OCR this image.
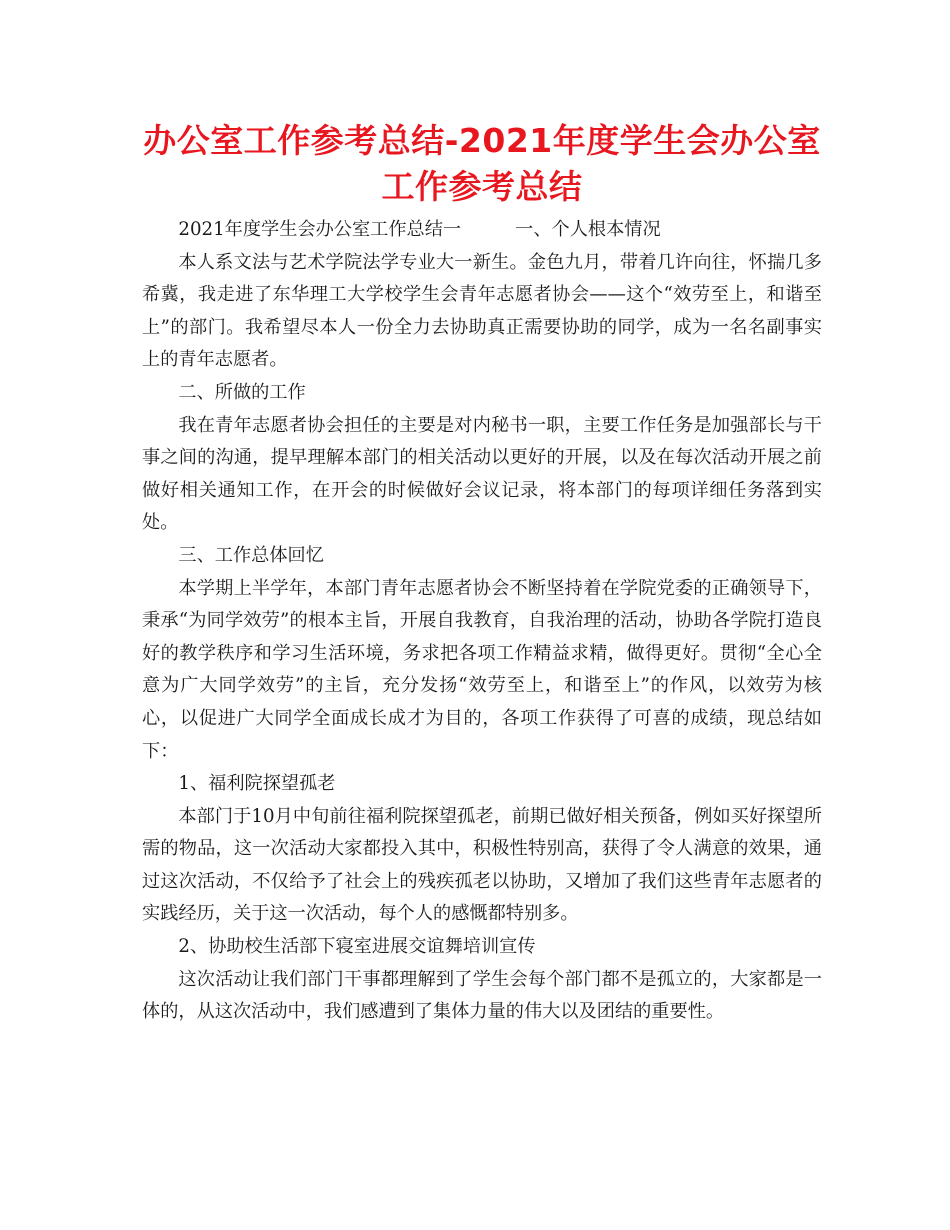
办公室工作参考总结-2021年度学生会办公室工作参考总结

2021年度学生会办公室工作总结一	一、个人根本情况

本人系文法与艺术学院法学专业大一新生。金色九月，带着几许向往，怀揣几多希冀，我走进了东华理工大学校学生会青年志愿者协会——这个“效劳至上，和谐至上”的部门。我希望尽本人一份全力去协助真正需要协助的同学，成为一名名副事实上的青年志愿者。

二、所做的工作

我在青年志愿者协会担任的主要是对内秘书一职，主要工作任务是加强部长与干事之间的沟通，提早理解本部门的相关活动以更好的开展，以及在每次活动开展之前做好相关通知工作，在开会的时候做好会议记录，将本部门的每项详细任务落到实处。

三、工作总体回忆

本学期上半学年，本部门青年志愿者协会不断坚持着在学院党委的正确领导下，秉承“为同学效劳”的根本主旨，开展自我教育，自我治理的活动，协助各学院打造良好的教学秩序和学习生活环境，务求把各项工作精益求精，做得更好。贯彻“全心全意为广大同学效劳”的主旨，充分发扬“效劳至上，和谐至上”的作风，以效劳为核心，以促进广大同学全面成长成才为目的，各项工作获得了可喜的成绩，现总结如下：

1、福利院探望孤老

本部门于10月中旬前往福利院探望孤老，前期已做好相关预备，例如买好探望所需的物品，这一次活动大家都投入其中，积极性特别高，获得了令人满意的效果，通过这次活动，不仅给予了社会上的残疾孤老以协助，又增加了我们这些青年志愿者的实践经历，关于这一次活动，每个人的感慨都特别多。

2、协助校生活部下寝室进展交谊舞培训宣传

这次活动让我们部门干事都理解到了学生会每个部门都不是孤立的，大家都是一体的，从这次活动中，我们感遭到了集体力量的伟大以及团结的重要性。
